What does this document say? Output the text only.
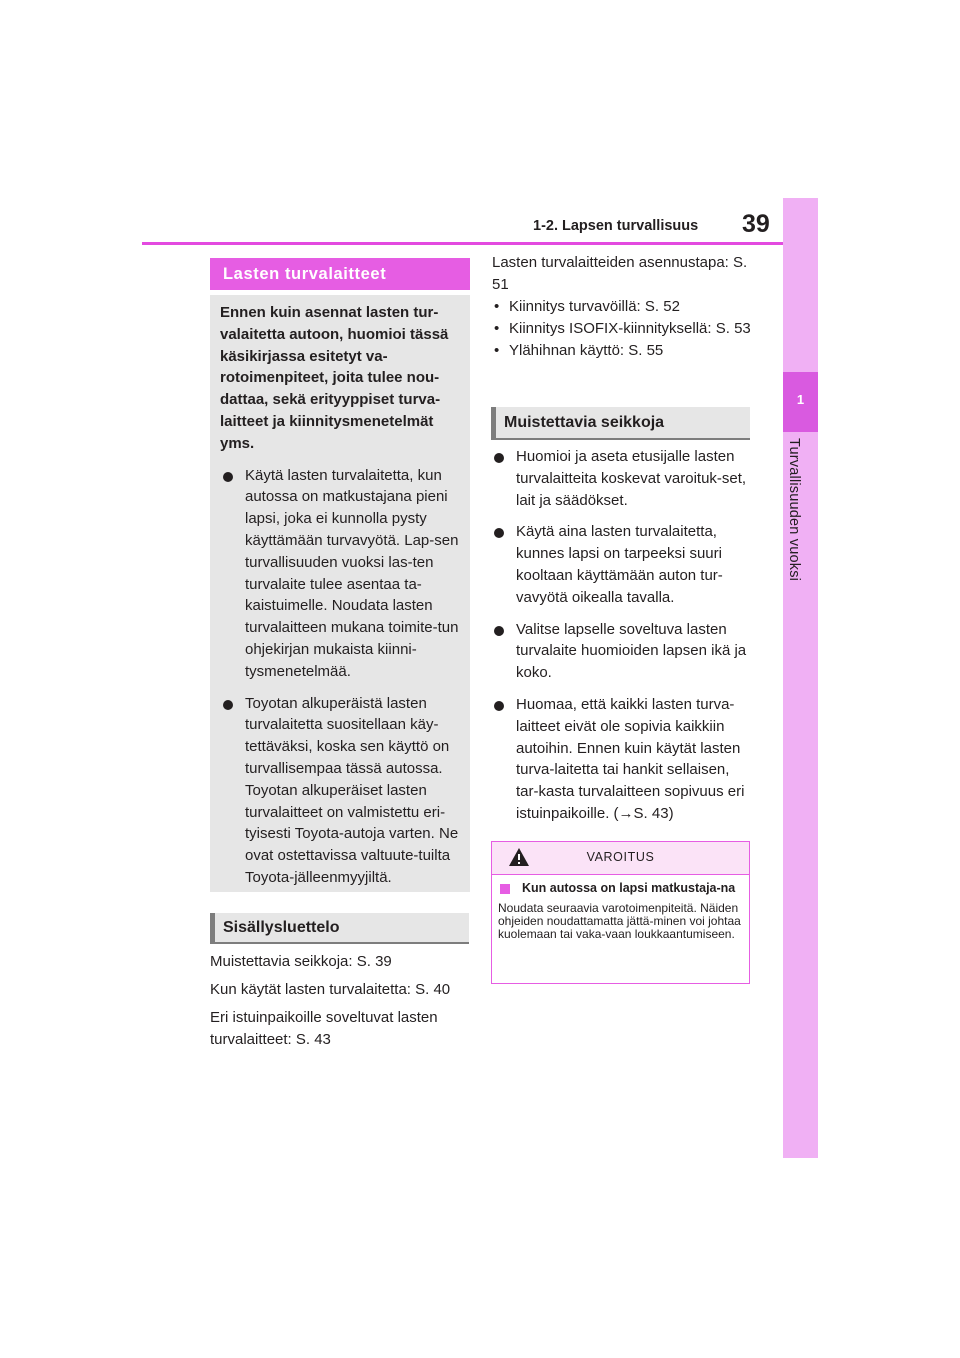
39
1-2. Lapsen turvallisuus
1
Turvallisuuden vuoksi
Lasten turvalaitteet

Ennen kuin asennat lasten tur-valaitetta autoon, huomioi tässä käsikirjassa esitetyt va-rotoimenpiteet, joita tulee nou-dattaa, sekä erityyppiset turva-laitteet ja kiinnitysmenetelmät yms.

Käytä lasten turvalaitetta, kun autossa on matkustajana pieni lapsi, joka ei kunnolla pysty käyttämään turvavyötä. Lap-sen turvallisuuden vuoksi las-ten turvalaite tulee asentaa ta-kaistuimelle. Noudata lasten turvalaitteen mukana toimite-tun ohjekirjan mukaista kiinni-tysmenetelmää.
Toyotan alkuperäistä lasten turvalaitetta suositellaan käy-tettäväksi, koska sen käyttö on turvallisempaa tässä autossa. Toyotan alkuperäiset lasten turvalaitteet on valmistettu eri-tyisesti Toyota-autoja varten. Ne ovat ostettavissa valtuute-tuilta Toyota-jälleenmyyjiltä.
Sisällysluettelo

Muistettavia seikkoja: S. 39

Kun käytät lasten turvalaitetta: S. 40

Eri istuinpaikoille soveltuvat lasten turvalaitteet: S. 43

Lasten turvalaitteiden asennustapa: S. 51

• Kiinnitys turvavöillä: S. 52

• Kiinnitys ISOFIX-kiinnityksellä: S. 53

• Ylähihnan käyttö: S. 55

Muistettavia seikkoja
Huomioi ja aseta etusijalle lasten turvalaitteita koskevat varoituk-set, lait ja säädökset.
Käytä aina lasten turvalaitetta, kunnes lapsi on tarpeeksi suuri kooltaan käyttämään auton tur-vavyötä oikealla tavalla.
Valitse lapselle soveltuva lasten turvalaite huomioiden lapsen ikä ja koko.
Huomaa, että kaikki lasten turva-laitteet eivät ole sopivia kaikkiin autoihin. Ennen kuin käytät lasten turva-laitetta tai hankit sellaisen, tar-kasta turvalaitteen sopivuus eri istuinpaikoille. (→S. 43)
VAROITUS
Kun autossa on lapsi matkustaja-na
Noudata seuraavia varotoimenpiteitä. Näiden ohjeiden noudattamatta jättä-minen voi johtaa kuolemaan tai vaka-vaan loukkaantumiseen.
